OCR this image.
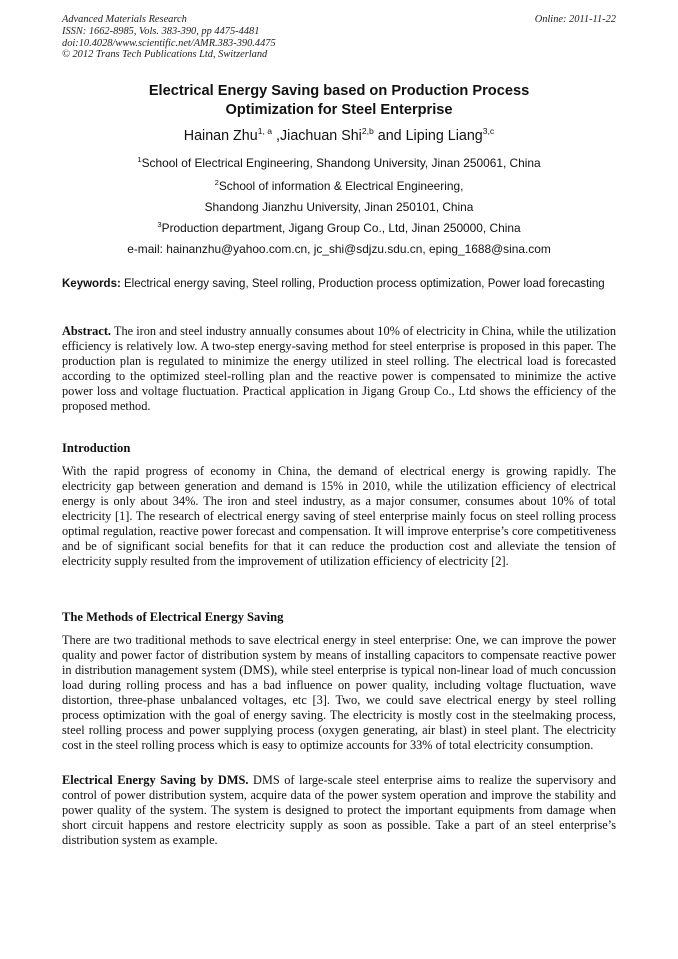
Advanced Materials Research
ISSN: 1662-8985, Vols. 383-390, pp 4475-4481
doi:10.4028/www.scientific.net/AMR.383-390.4475
© 2012 Trans Tech Publications Ltd, Switzerland
Online: 2011-11-22
Electrical Energy Saving based on Production Process
Optimization for Steel Enterprise
Hainan Zhu$^{1, a}$ ,Jiachuan Shi$^{2,b}$ and Liping Liang$^{3,c}$
$^1$School of Electrical Engineering, Shandong University, Jinan 250061, China
$^2$School of information & Electrical Engineering,
Shandong Jianzhu University, Jinan 250101, China
$^3$Production department, Jigang Group Co., Ltd, Jinan 250000, China
e-mail: hainanzhu@yahoo.com.cn, jc_shi@sdjzu.sdu.cn, eping_1688@sina.com
Keywords: Electrical energy saving, Steel rolling, Production process optimization, Power load forecasting
Abstract. The iron and steel industry annually consumes about 10% of electricity in China, while the utilization efficiency is relatively low. A two-step energy-saving method for steel enterprise is proposed in this paper. The production plan is regulated to minimize the energy utilized in steel rolling. The electrical load is forecasted according to the optimized steel-rolling plan and the reactive power is compensated to minimize the active power loss and voltage fluctuation. Practical application in Jigang Group Co., Ltd shows the efficiency of the proposed method.
Introduction
With the rapid progress of economy in China, the demand of electrical energy is growing rapidly. The electricity gap between generation and demand is 15% in 2010, while the utilization efficiency of electrical energy is only about 34%. The iron and steel industry, as a major consumer, consumes about 10% of total electricity [1]. The research of electrical energy saving of steel enterprise mainly focus on steel rolling process optimal regulation, reactive power forecast and compensation. It will improve enterprise’s core competitiveness and be of significant social benefits for that it can reduce the production cost and alleviate the tension of electricity supply resulted from the improvement of utilization efficiency of electricity [2].
The Methods of Electrical Energy Saving
There are two traditional methods to save electrical energy in steel enterprise: One, we can improve the power quality and power factor of distribution system by means of installing capacitors to compensate reactive power in distribution management system (DMS), while steel enterprise is typical non-linear load of much concussion load during rolling process and has a bad influence on power quality, including voltage fluctuation, wave distortion, three-phase unbalanced voltages, etc [3]. Two, we could save electrical energy by steel rolling process optimization with the goal of energy saving. The electricity is mostly cost in the steelmaking process, steel rolling process and power supplying process (oxygen generating, air blast) in steel plant. The electricity cost in the steel rolling process which is easy to optimize accounts for 33% of total electricity consumption.
Electrical Energy Saving by DMS. DMS of large-scale steel enterprise aims to realize the supervisory and control of power distribution system, acquire data of the power system operation and improve the stability and power quality of the system. The system is designed to protect the important equipments from damage when short circuit happens and restore electricity supply as soon as possible. Take a part of an steel enterprise’s distribution system as example.
